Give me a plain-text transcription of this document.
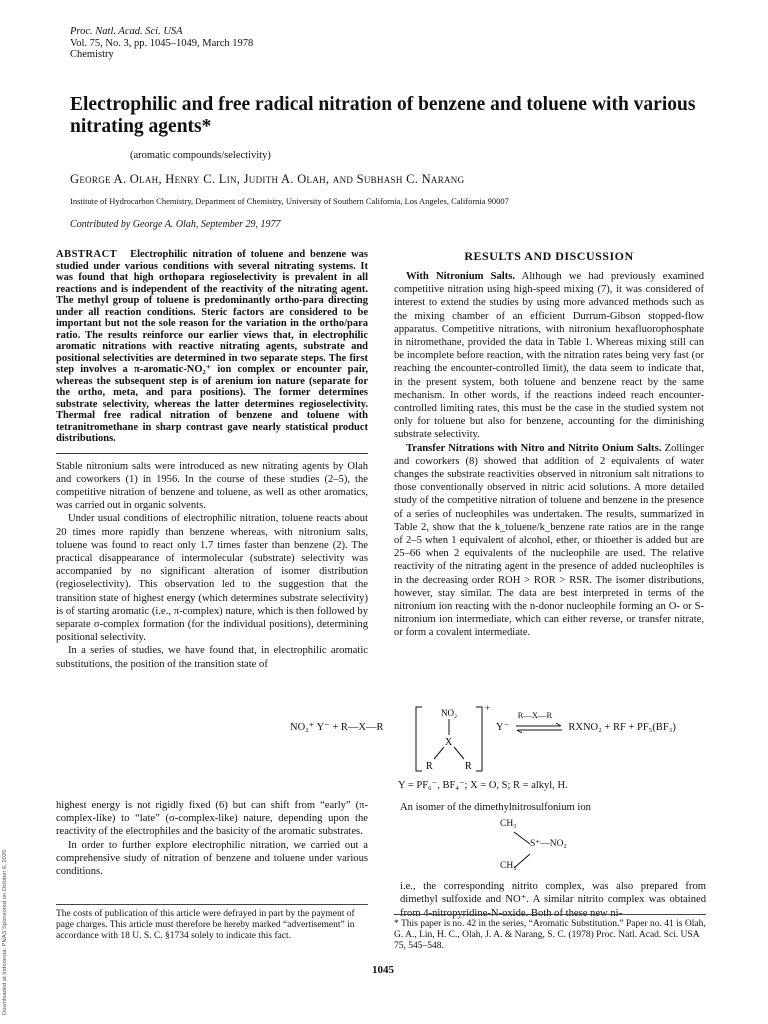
Proc. Natl. Acad. Sci. USA
Vol. 75, No. 3, pp. 1045–1049, March 1978
Chemistry
Electrophilic and free radical nitration of benzene and toluene with various nitrating agents*
(aromatic compounds/selectivity)
George A. Olah, Henry C. Lin, Judith A. Olah, and Subhash C. Narang
Institute of Hydrocarbon Chemistry, Department of Chemistry, University of Southern California, Los Angeles, California 90007
Contributed by George A. Olah, September 29, 1977
ABSTRACT Electrophilic nitration of toluene and benzene was studied under various conditions with several nitrating systems. It was found that high orthopara regioselectivity is prevalent in all reactions and is independent of the reactivity of the nitrating agent. The methyl group of toluene is predominantly ortho-para directing under all reaction conditions. Steric factors are considered to be important but not the sole reason for the variation in the ortho/para ratio. The results reinforce our earlier views that, in electrophilic aromatic nitrations with reactive nitrating agents, substrate and positional selectivities are determined in two separate steps. The first step involves a π-aromatic-NO₂⁺ ion complex or encounter pair, whereas the subsequent step is of arenium ion nature (separate for the ortho, meta, and para positions). The former determines substrate selectivity, whereas the latter determines regioselectivity. Thermal free radical nitration of benzene and toluene with tetranitromethane in sharp contrast gave nearly statistical product distributions.

Stable nitronium salts were introduced as new nitrating agents by Olah and coworkers (1) in 1956. In the course of these studies (2–5), the competitive nitration of benzene and toluene, as well as other aromatics, was carried out in organic solvents.

Under usual conditions of electrophilic nitration, toluene reacts about 20 times more rapidly than benzene whereas, with nitronium salts, toluene was found to react only 1.7 times faster than benzene (2). The practical disappearance of intermolecular (substrate) selectivity was accompanied by no significant alteration of isomer distribution (regioselectivity). This observation led to the suggestion that the transition state of highest energy (which determines substrate selectivity) is of starting aromatic (i.e., π-complex) nature, which is then followed by separate σ-complex formation (for the individual positions), determining positional selectivity.

In a series of studies, we have found that, in electrophilic aromatic substitutions, the position of the transition state of

RESULTS AND DISCUSSION

With Nitronium Salts. Although we had previously examined competitive nitration using high-speed mixing (7), it was considered of interest to extend the studies by using more advanced methods such as the mixing chamber of an efficient Durrum-Gibson stopped-flow apparatus. Competitive nitrations, with nitronium hexafluorophosphate in nitromethane, provided the data in Table 1. Whereas mixing still can be incomplete before reaction, with the nitration rates being very fast (or reaching the encounter-controlled limit), the data seem to indicate that, in the present system, both toluene and benzene react by the same mechanism. In other words, if the reactions indeed reach encounter-controlled limiting rates, this must be the case in the studied system not only for toluene but also for benzene, accounting for the diminishing substrate selectivity.

Transfer Nitrations with Nitro and Nitrito Onium Salts. Zollinger and coworkers (8) showed that addition of 2 equivalents of water changes the substrate reactivities observed in nitronium salt nitrations to those conventionally observed in nitric acid solutions. A more detailed study of the competitive nitration of toluene and benzene in the presence of a series of nucleophiles was undertaken. The results, summarized in Table 2, show that the k_toluene/k_benzene rate ratios are in the range of 2–5 when 1 equivalent of alcohol, ether, or thioether is added but are 25–66 when 2 equivalents of the nucleophile are used. The relative reactivity of the nitrating agent in the presence of added nucleophiles is in the decreasing order ROH > ROR > RSR. The isomer distributions, however, stay similar. The data are best interpreted in terms of the nitronium ion reacting with the n-donor nucleophile forming an O- or S-nitronium ion intermediate, which can either reverse, or transfer nitrate, or form a covalent intermediate.

NO₂⁺ Y⁻ + R—X—R
NO₂
X
R	R
+
Y⁻
R—X—R
RXNO₂ + RF + PF₅(BF₃)
Y = PF₆⁻, BF₄⁻; X = O, S; R = alkyl, H.

highest energy is not rigidly fixed (6) but can shift from “early” (π-complex-like) to “late” (σ-complex-like) nature, depending upon the reactivity of the electrophiles and the basicity of the aromatic substrates.

In order to further explore electrophilic nitration, we carried out a comprehensive study of nitration of benzene and toluene under various conditions.

The costs of publication of this article were defrayed in part by the payment of page charges. This article must therefore be hereby marked “advertisement” in accordance with 18 U. S. C. §1734 solely to indicate this fact.

An isomer of the dimethylnitrosulfonium ion

CH₃
S⁺—NO₂
CH₃

i.e., the corresponding nitrito complex, was also prepared from dimethyl sulfoxide and NO⁺. A similar nitrito complex was obtained from 4-nitropyridine-N-oxide. Both of these new ni-

* This paper is no. 42 in the series, “Aromatic Substitution.” Paper no. 41 is Olah, G. A., Lin, H. C., Olah, J. A. & Narang, S. C. (1978) Proc. Natl. Acad. Sci. USA 75, 545–548.
1045
Downloaded at Indonesia: PNAS Sponsored on October 6, 2020
